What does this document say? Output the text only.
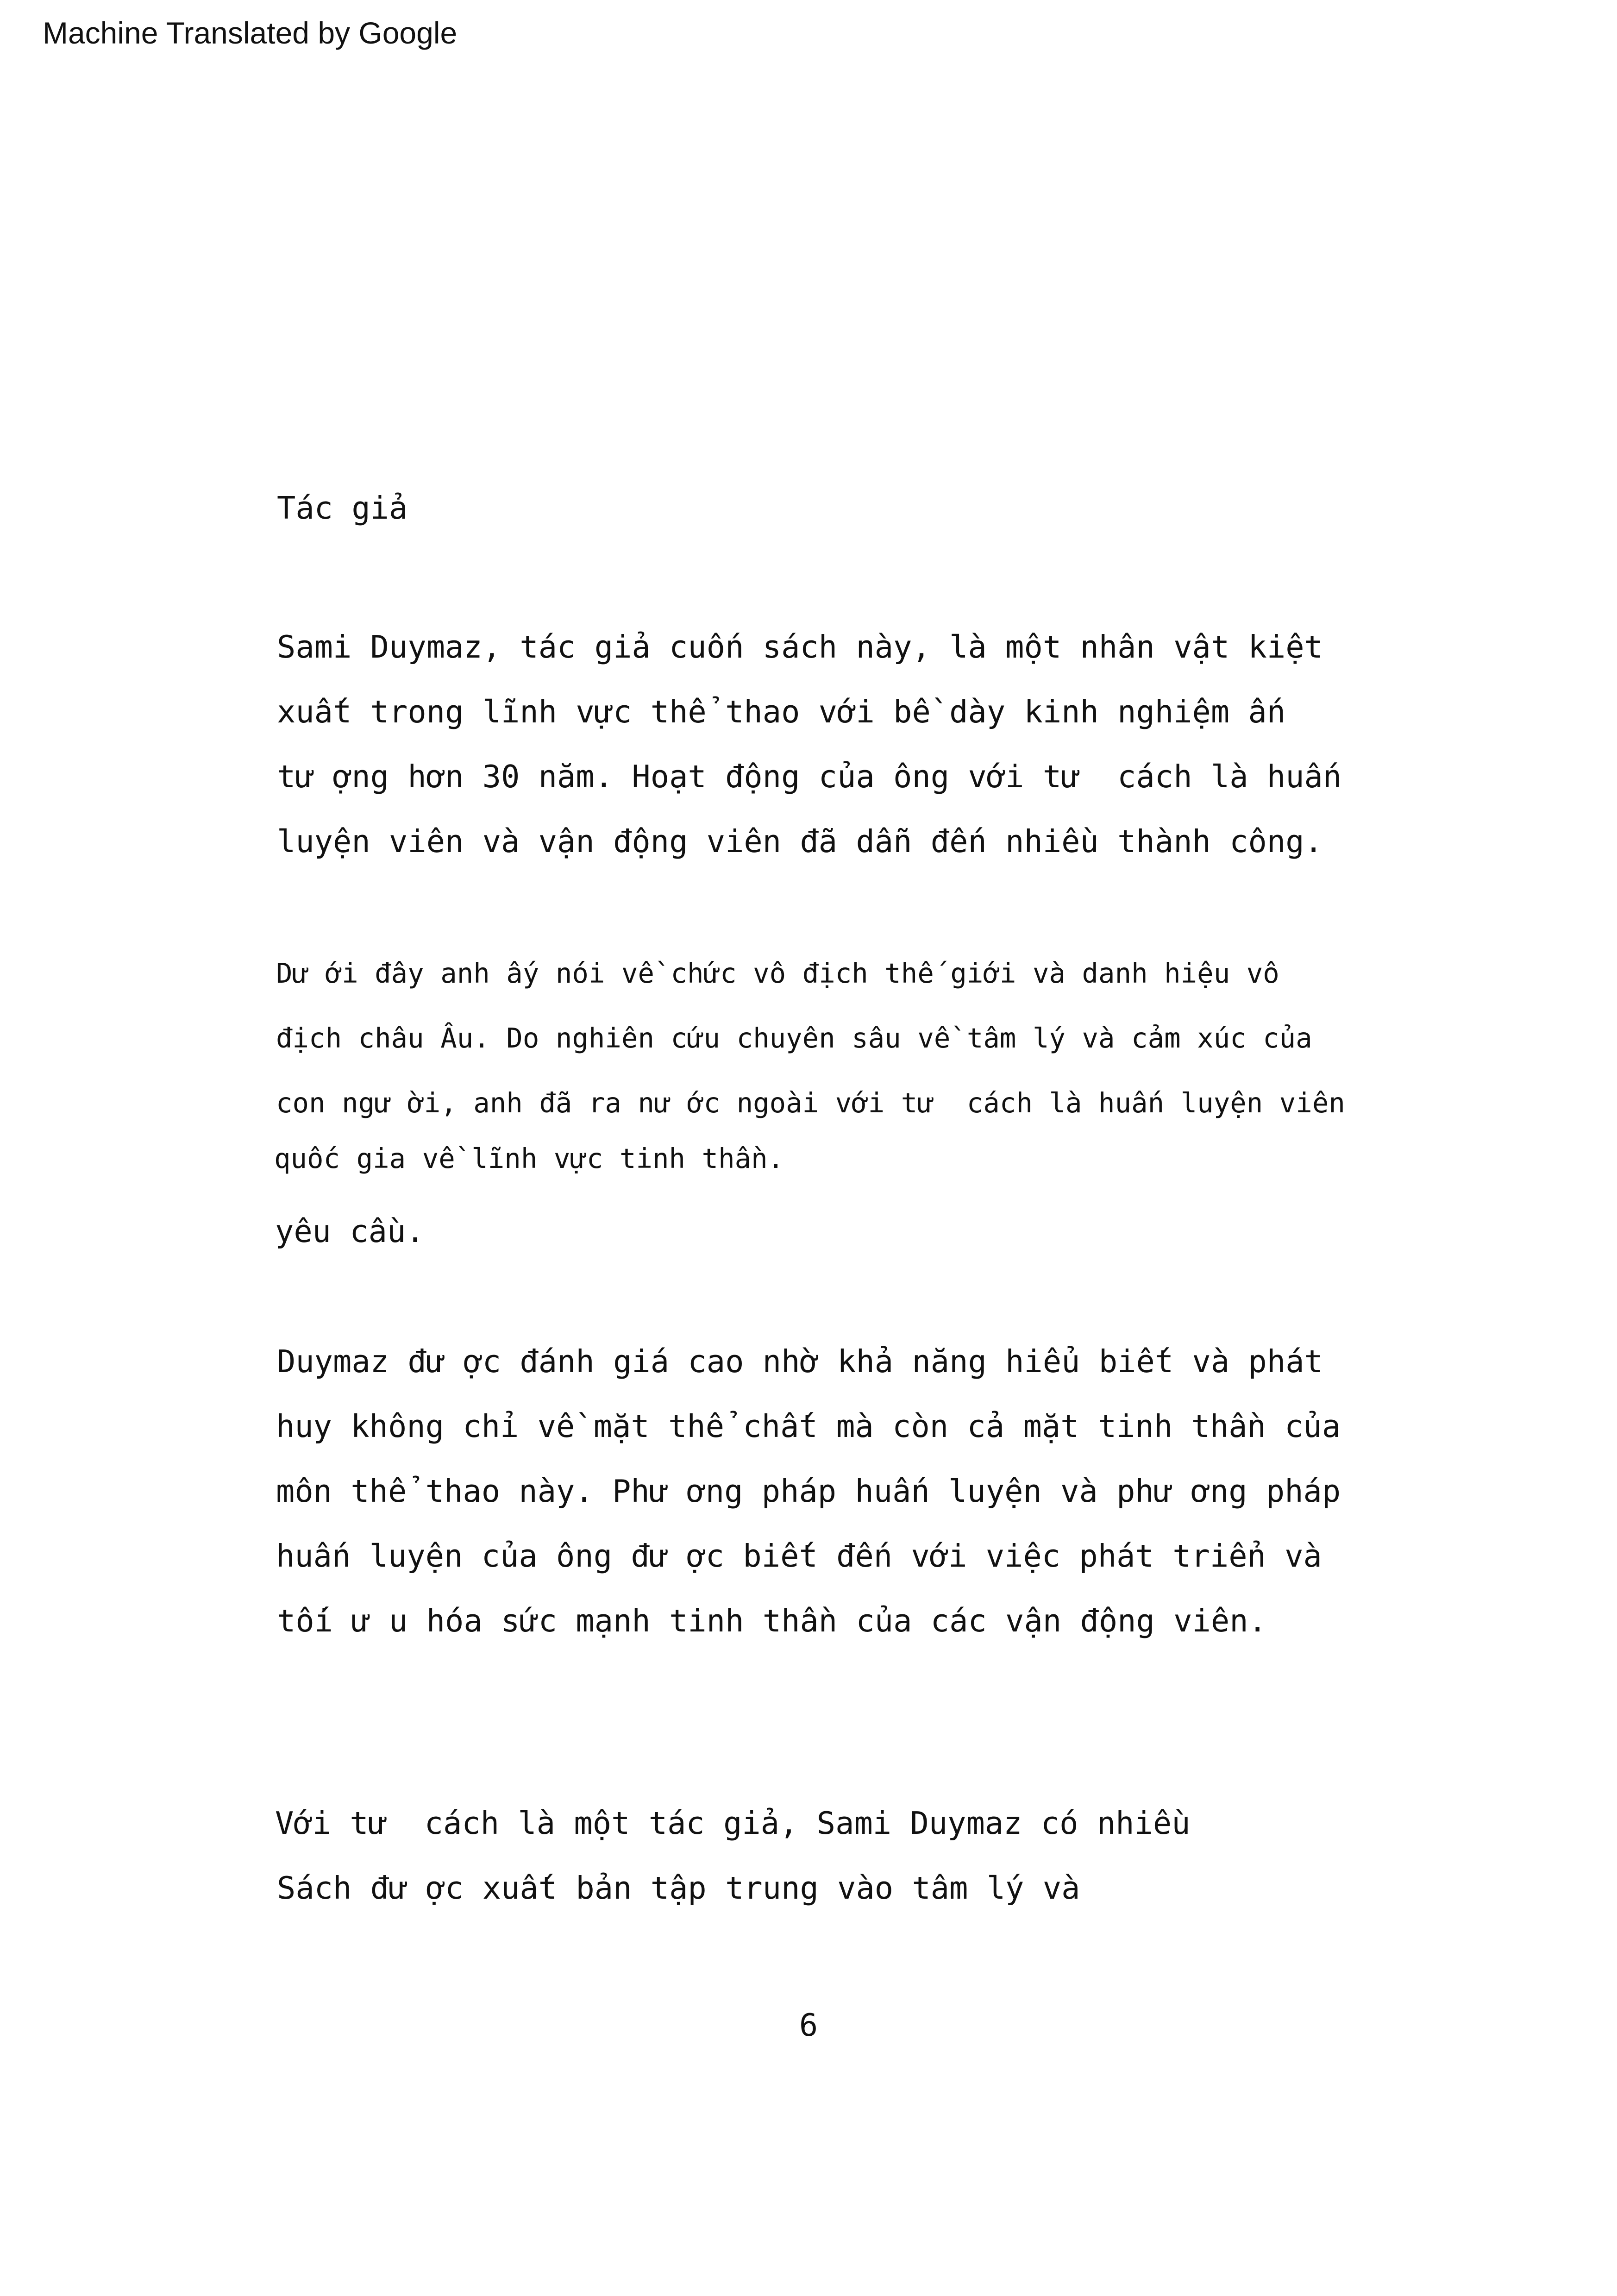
Machine Translated by Google
Tác giả
Sami Duymaz, tác giả cuốn sách này, là một nhân vật kiệt
xuất trong lĩnh vực thể thao với bề dày kinh nghiệm ấn
tư ợng hơn 30 năm. Hoạt động của ông với tư  cách là huấn
luyện viên và vận động viên đã dẫn đến nhiều thành công.
Dư ới đây anh ấy nói về chức vô địch thế giới và danh hiệu vô
địch châu Âu. Do nghiên cứu chuyên sâu về tâm lý và cảm xúc của
con ngư ời, anh đã ra nư ớc ngoài với tư  cách là huấn luyện viên
quốc gia về lĩnh vực tinh thần.
yêu cầu.
Duymaz đư ợc đánh giá cao nhờ khả năng hiểu biết và phát
huy không chỉ về mặt thể chất mà còn cả mặt tinh thần của
môn thể thao này. Phư ơng pháp huấn luyện và phư ơng pháp
huấn luyện của ông đư ợc biết đến với việc phát triển và
tối ư u hóa sức mạnh tinh thần của các vận động viên.
Với tư  cách là một tác giả, Sami Duymaz có nhiều
Sách đư ợc xuất bản tập trung vào tâm lý và
6
